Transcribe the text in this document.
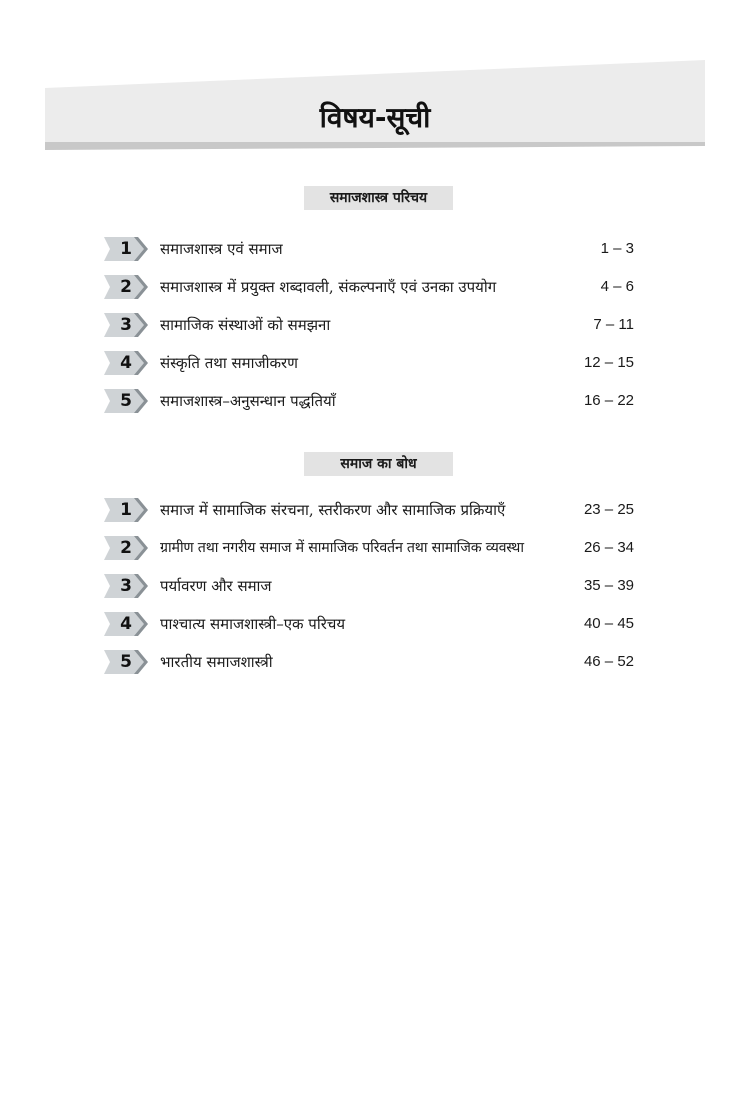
विषय-सूची
समाजशास्त्र परिचय
1 समाजशास्त्र एवं समाज	1 – 3
2 समाजशास्त्र में प्रयुक्त शब्दावली, संकल्पनाएँ एवं उनका उपयोग	4 – 6
3 सामाजिक संस्थाओं को समझना	7 – 11
4 संस्कृति तथा समाजीकरण	12 – 15
5 समाजशास्त्र–अनुसन्धान पद्धतियाँ	16 – 22
समाज का बोध
1 समाज में सामाजिक संरचना, स्तरीकरण और सामाजिक प्रक्रियाएँ	23 – 25
2 ग्रामीण तथा नगरीय समाज में सामाजिक परिवर्तन तथा सामाजिक व्यवस्था	26 – 34
3 पर्यावरण और समाज	35 – 39
4 पाश्चात्य समाजशास्त्री–एक परिचय	40 – 45
5 भारतीय समाजशास्त्री	46 – 52
